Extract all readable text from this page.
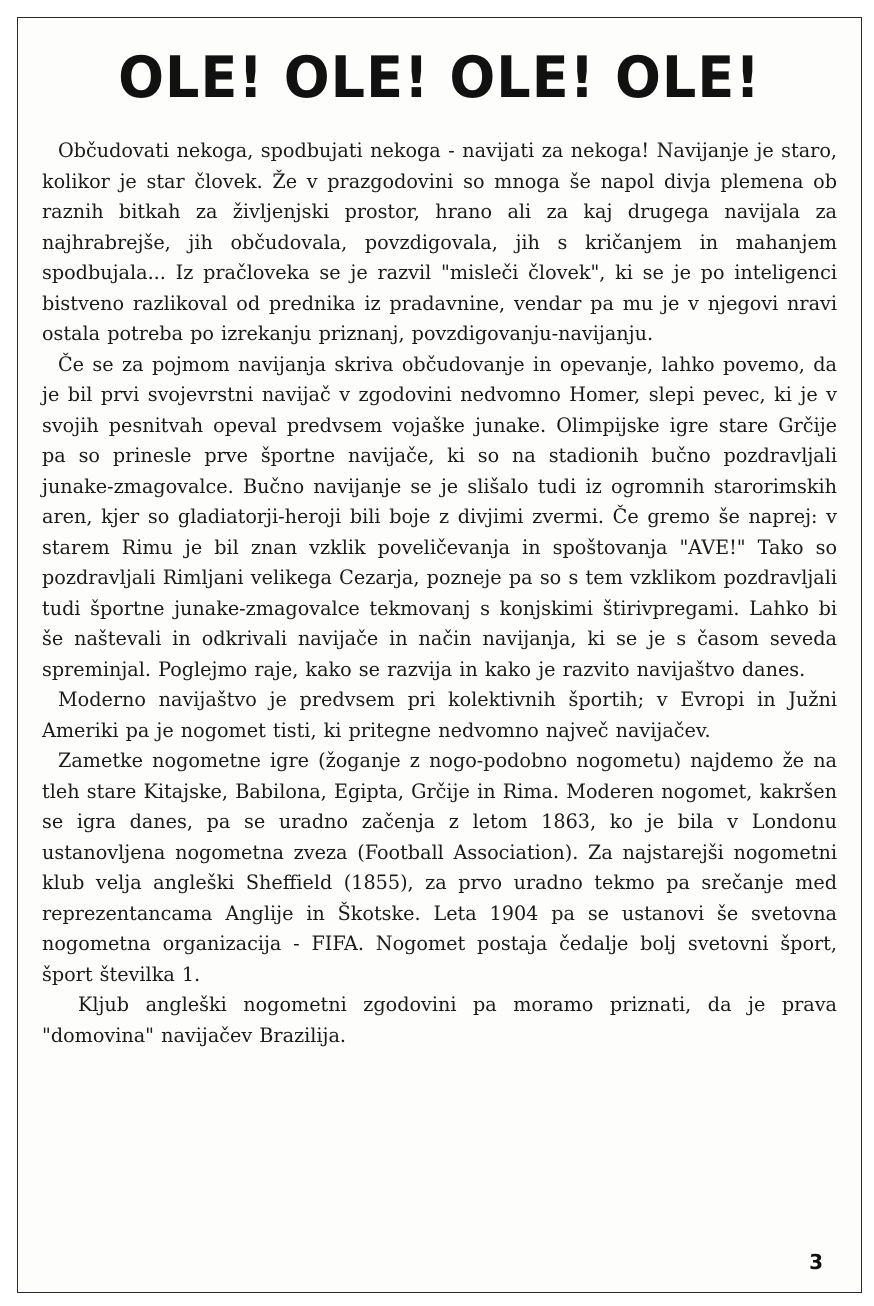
OLE! OLE! OLE! OLE!

Občudovati nekoga, spodbujati nekoga - navijati za nekoga! Navijanje je staro, kolikor je star človek. Že v prazgodovini so mnoga še napol divja plemena ob raznih bitkah za življenjski prostor, hrano ali za kaj drugega navijala za najhrabrejše, jih občudovala, povzdigovala, jih s kričanjem in mahanjem spodbujala... Iz pračloveka se je razvil "misleči človek", ki se je po inteligenci bistveno razlikoval od prednika iz pradavnine, vendar pa mu je v njegovi nravi ostala potreba po izrekanju priznanj, povzdigovanju-navijanju.

Če se za pojmom navijanja skriva občudovanje in opevanje, lahko povemo, da je bil prvi svojevrstni navijač v zgodovini nedvomno Homer, slepi pevec, ki je v svojih pesnitvah opeval predvsem vojaške junake. Olimpijske igre stare Grčije pa so prinesle prve športne navijače, ki so na stadionih bučno pozdravljali junake-zmagovalce. Bučno navijanje se je slišalo tudi iz ogromnih starorimskih aren, kjer so gladiatorji-heroji bili boje z divjimi zvermi. Če gremo še naprej: v starem Rimu je bil znan vzklik poveličevanja in spoštovanja "AVE!" Tako so pozdravljali Rimljani velikega Cezarja, pozneje pa so s tem vzklikom pozdravljali tudi športne junake-zmagovalce tekmovanj s konjskimi štirivpregami. Lahko bi še naštevali in odkrivali navijače in način navijanja, ki se je s časom seveda spreminjal. Poglejmo raje, kako se razvija in kako je razvito navijaštvo danes.

Moderno navijaštvo je predvsem pri kolektivnih športih; v Evropi in Južni Ameriki pa je nogomet tisti, ki pritegne nedvomno največ navijačev.

Zametke nogometne igre (žoganje z nogo-podobno nogometu) najdemo že na tleh stare Kitajske, Babilona, Egipta, Grčije in Rima. Moderen nogomet, kakršen se igra danes, pa se uradno začenja z letom 1863, ko je bila v Londonu ustanovljena nogometna zveza (Football Association). Za najstarejši nogometni klub velja angleški Sheffield (1855), za prvo uradno tekmo pa srečanje med reprezentancama Anglije in Škotske. Leta 1904 pa se ustanovi še svetovna nogometna organizacija - FIFA. Nogomet postaja čedalje bolj svetovni šport, šport številka 1.

Kljub angleški nogometni zgodovini pa moramo priznati, da je prava "domovina" navijačev Brazilija.

3
